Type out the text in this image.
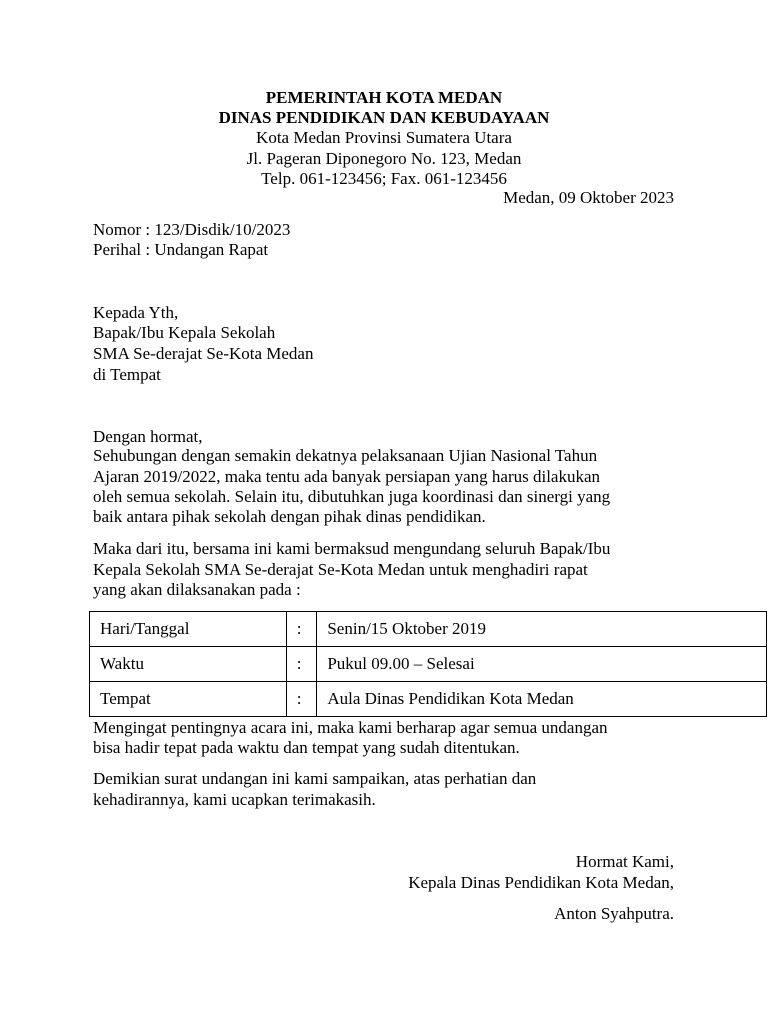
PEMERINTAH KOTA MEDAN
DINAS PENDIDIKAN DAN KEBUDAYAAN
Kota Medan Provinsi Sumatera Utara
Jl. Pageran Diponegoro No. 123, Medan
Telp. 061-123456; Fax. 061-123456
Medan, 09 Oktober 2023
Nomor : 123/Disdik/10/2023
Perihal : Undangan Rapat
Kepada Yth,
Bapak/Ibu Kepala Sekolah
SMA Se-derajat Se-Kota Medan
di Tempat
Dengan hormat,
Sehubungan dengan semakin dekatnya pelaksanaan Ujian Nasional Tahun
Ajaran 2019/2022, maka tentu ada banyak persiapan yang harus dilakukan
oleh semua sekolah. Selain itu, dibutuhkan juga koordinasi dan sinergi yang
baik antara pihak sekolah dengan pihak dinas pendidikan.
Maka dari itu, bersama ini kami bermaksud mengundang seluruh Bapak/Ibu
Kepala Sekolah SMA Se-derajat Se-Kota Medan untuk menghadiri rapat
yang akan dilaksanakan pada :
Hari/Tanggal	:	Senin/15 Oktober 2019
Waktu	:	Pukul 09.00 – Selesai
Tempat	:	Aula Dinas Pendidikan Kota Medan
Mengingat pentingnya acara ini, maka kami berharap agar semua undangan
bisa hadir tepat pada waktu dan tempat yang sudah ditentukan.
Demikian surat undangan ini kami sampaikan, atas perhatian dan
kehadirannya, kami ucapkan terimakasih.
Hormat Kami,
Kepala Dinas Pendidikan Kota Medan,
Anton Syahputra.
